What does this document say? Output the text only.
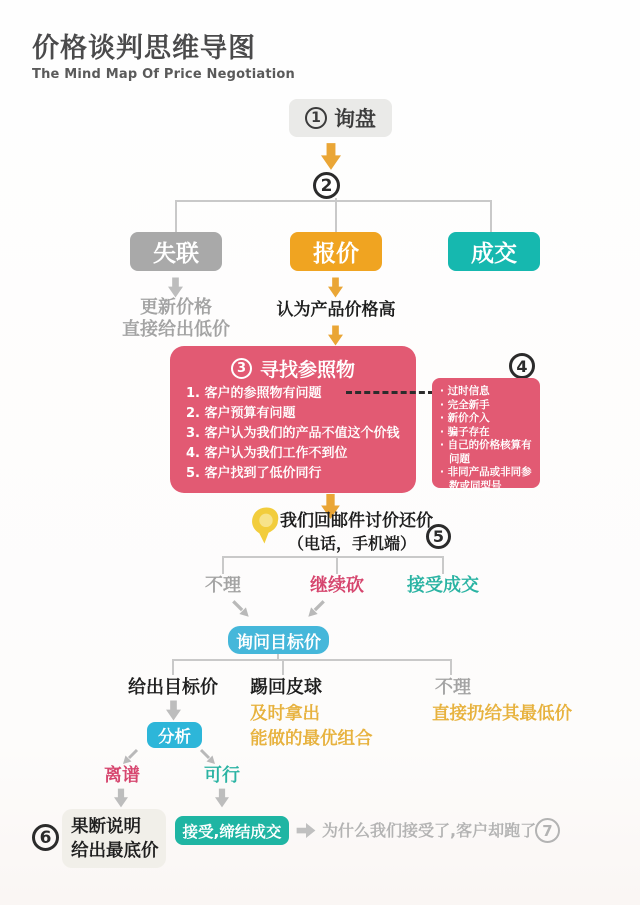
价格谈判思维导图
The Mind Map Of Price Negotiation
1 询盘
2
失联	报价	成交
更新价格
直接给出低价
认为产品价格高
3 寻找参照物
1. 客户的参照物有问题
2. 客户预算有问题
3. 客户认为我们的产品不值这个价钱
4. 客户认为我们工作不到位
5. 客户找到了低价同行
4
· 过时信息
· 完全新手
· 新价介入
· 骗子存在
· 自己的价格核算有问题
· 非同产品或非同参数或同型号
我们回邮件讨价还价
（电话，手机端）	5
不理	继续砍	接受成交
询问目标价
给出目标价	踢回皮球	不理
及时拿出
能做的最优组合
直接扔给其最低价
分析
离谱	可行
6
果断说明
给出最底价
接受,缔结成交	为什么我们接受了,客户却跑了 7
